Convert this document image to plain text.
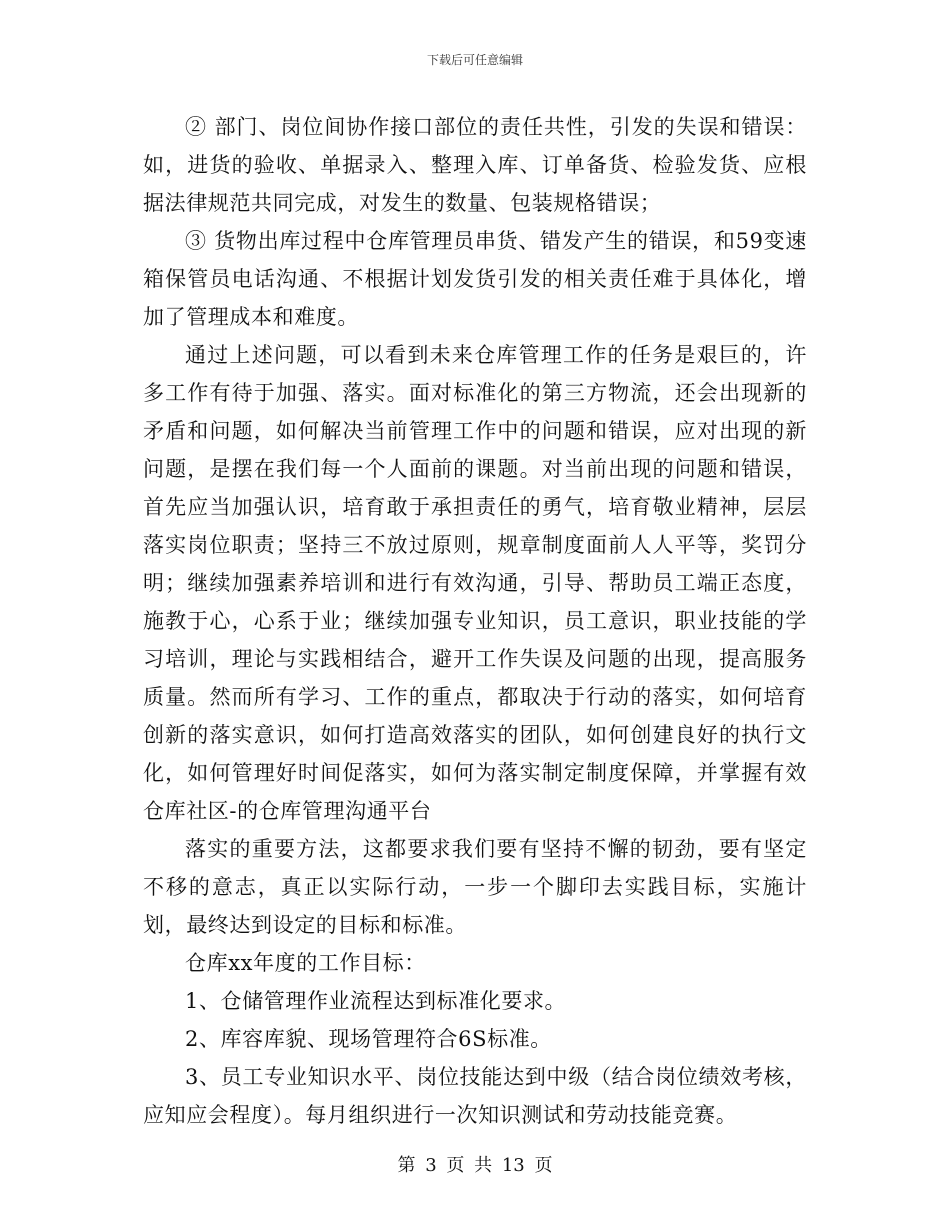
下载后可任意编辑

② 部门、岗位间协作接口部位的责任共性，引发的失误和错误：如，进货的验收、单据录入、整理入库、订单备货、检验发货、应根据法律规范共同完成，对发生的数量、包装规格错误；

③ 货物出库过程中仓库管理员串货、错发产生的错误，和59变速箱保管员电话沟通、不根据计划发货引发的相关责任难于具体化，增加了管理成本和难度。

通过上述问题，可以看到未来仓库管理工作的任务是艰巨的，许多工作有待于加强、落实。面对标准化的第三方物流，还会出现新的矛盾和问题，如何解决当前管理工作中的问题和错误，应对出现的新问题，是摆在我们每一个人面前的课题。对当前出现的问题和错误，首先应当加强认识，培育敢于承担责任的勇气，培育敬业精神，层层落实岗位职责；坚持三不放过原则，规章制度面前人人平等，奖罚分明；继续加强素养培训和进行有效沟通，引导、帮助员工端正态度，施教于心，心系于业；继续加强专业知识，员工意识，职业技能的学习培训，理论与实践相结合，避开工作失误及问题的出现，提高服务质量。然而所有学习、工作的重点，都取决于行动的落实，如何培育创新的落实意识，如何打造高效落实的团队，如何创建良好的执行文化，如何管理好时间促落实，如何为落实制定制度保障，并掌握有效仓库社区-的仓库管理沟通平台

落实的重要方法，这都要求我们要有坚持不懈的韧劲，要有坚定不移的意志，真正以实际行动，一步一个脚印去实践目标，实施计划，最终达到设定的目标和标准。

仓库xx年度的工作目标：

1、仓储管理作业流程达到标准化要求。

2、库容库貌、现场管理符合6S标准。

3、员工专业知识水平、岗位技能达到中级（结合岗位绩效考核，应知应会程度）。每月组织进行一次知识测试和劳动技能竞赛。

第 3 页 共 13 页
